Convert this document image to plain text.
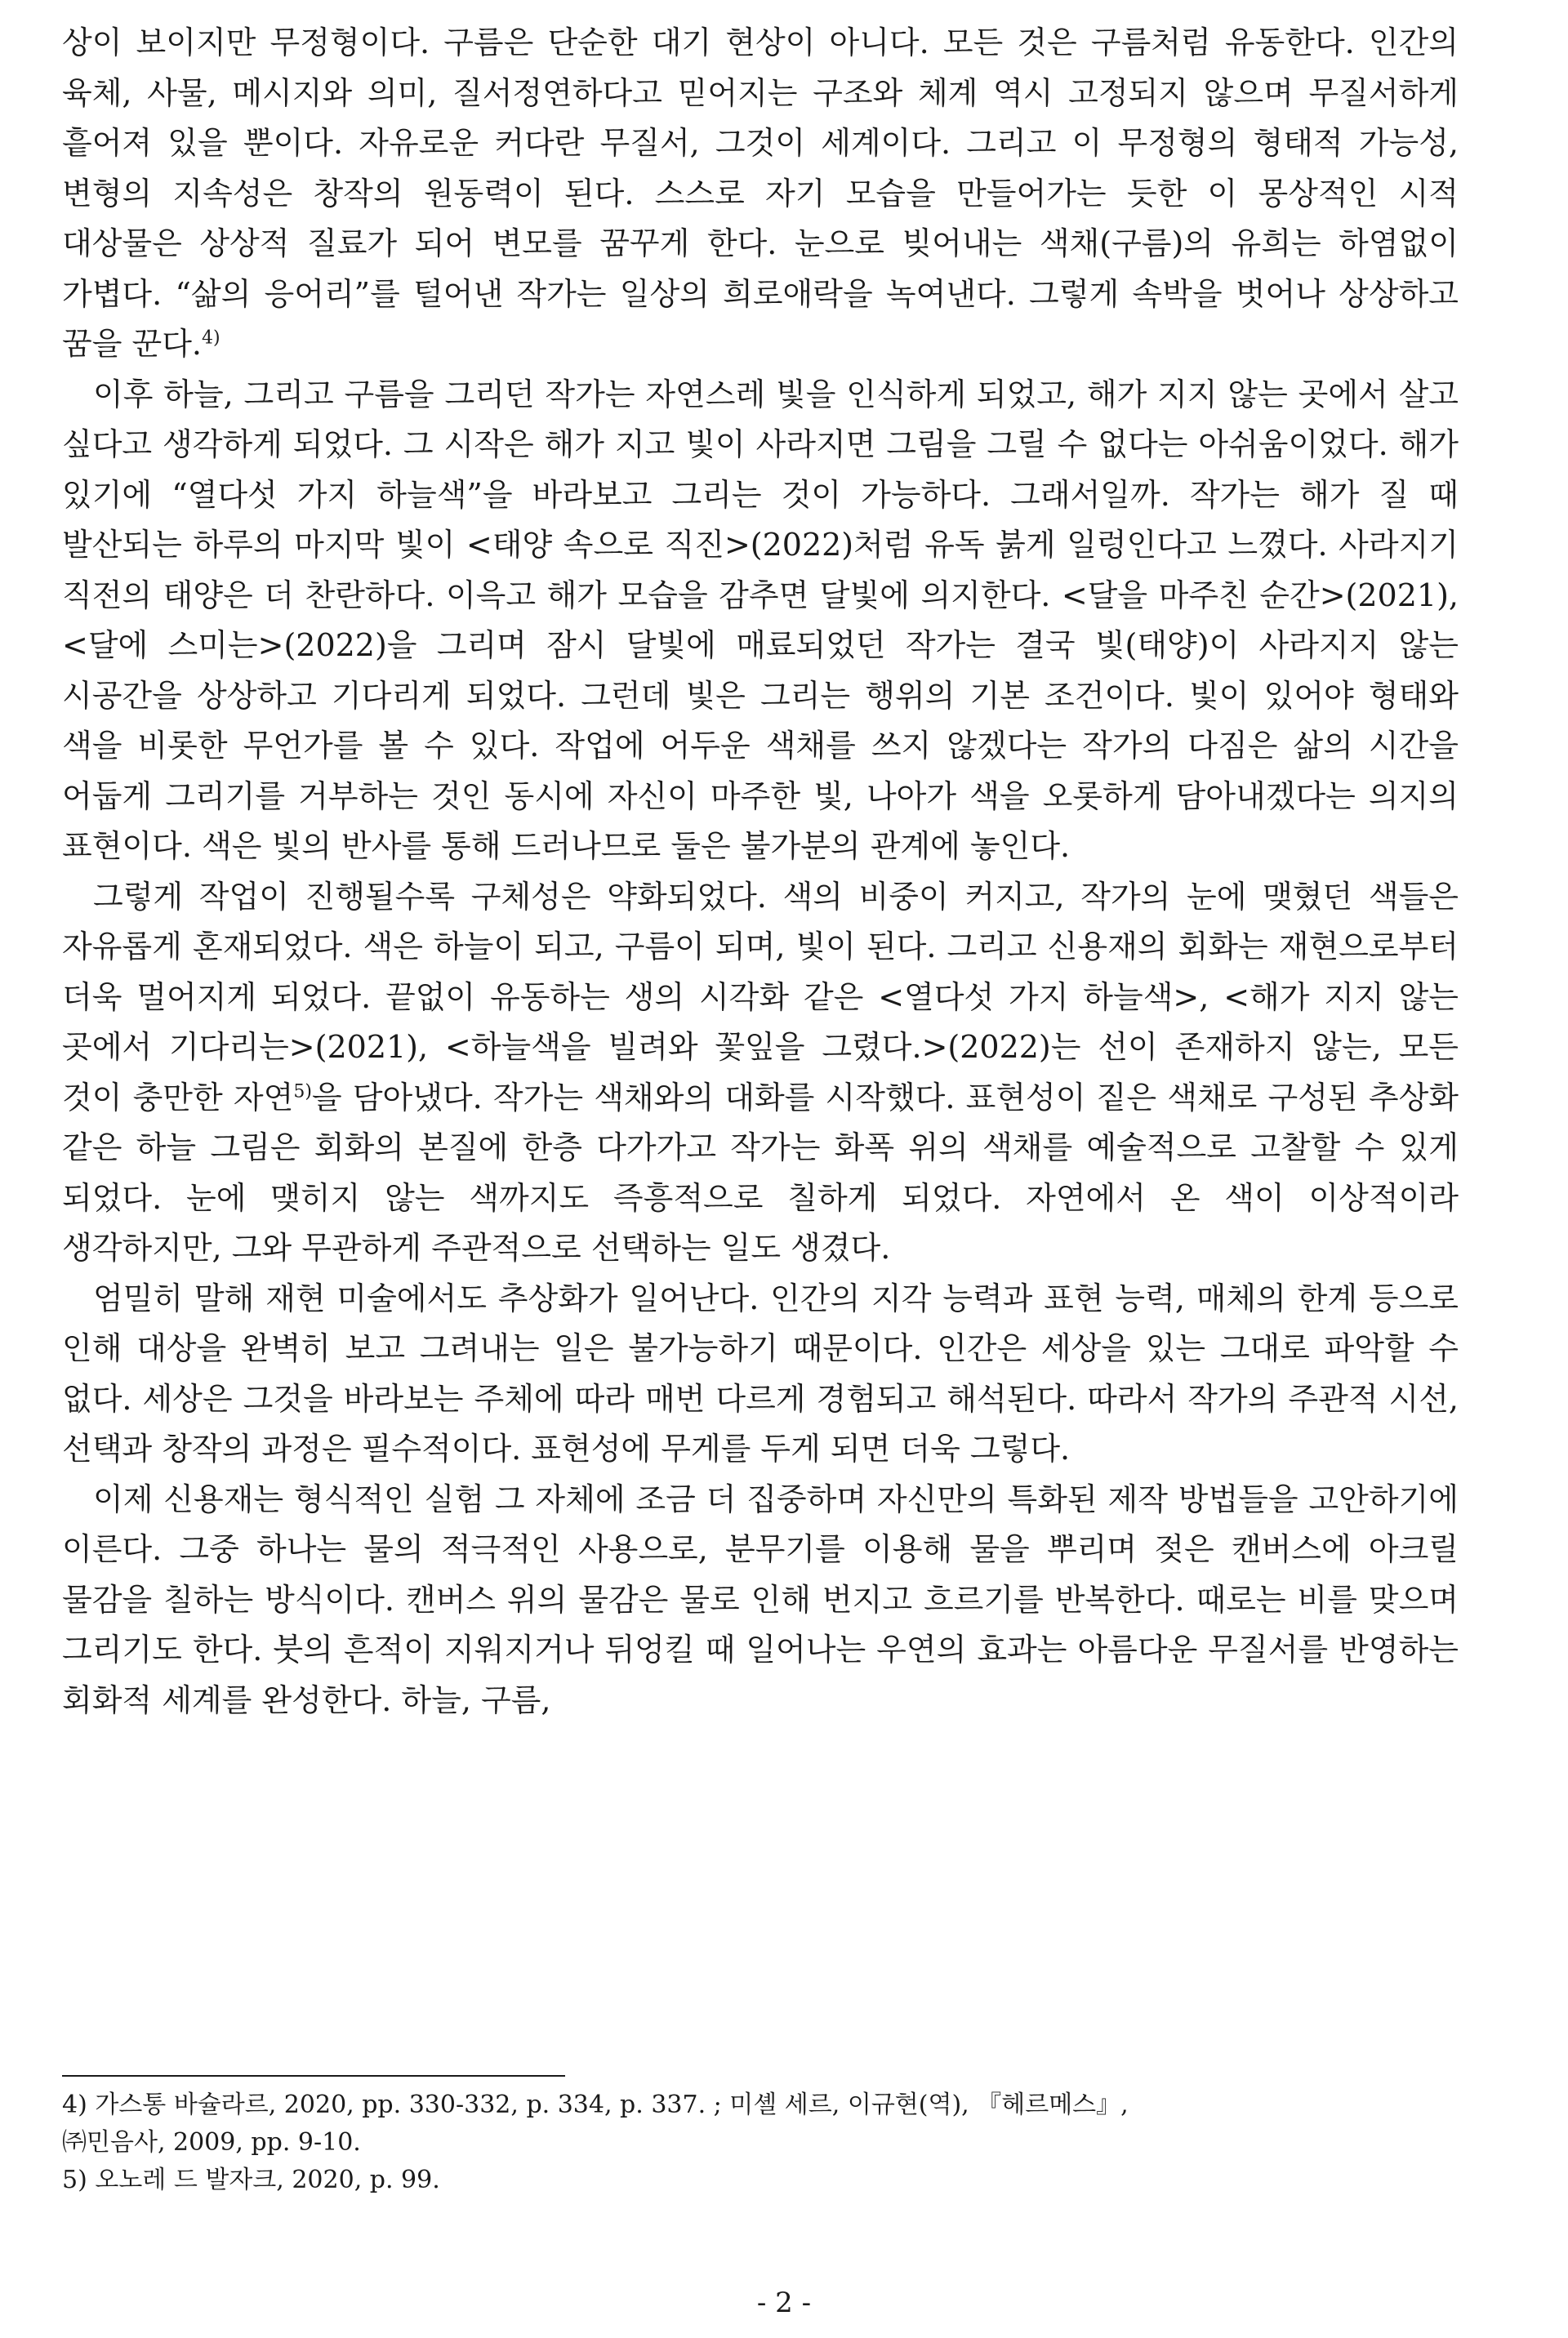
상이 보이지만 무정형이다. 구름은 단순한 대기 현상이 아니다. 모든 것은 구름처럼 유동한다. 인간의 육체, 사물, 메시지와 의미, 질서정연하다고 믿어지는 구조와 체계 역시 고정되지 않으며 무질서하게 흩어져 있을 뿐이다. 자유로운 커다란 무질서, 그것이 세계이다. 그리고 이 무정형의 형태적 가능성, 변형의 지속성은 창작의 원동력이 된다. 스스로 자기 모습을 만들어가는 듯한 이 몽상적인 시적 대상물은 상상적 질료가 되어 변모를 꿈꾸게 한다. 눈으로 빚어내는 색채(구름)의 유희는 하염없이 가볍다. “삶의 응어리”를 털어낸 작가는 일상의 희로애락을 녹여낸다. 그렇게 속박을 벗어나 상상하고 꿈을 꾼다.$^{4)}$

이후 하늘, 그리고 구름을 그리던 작가는 자연스레 빛을 인식하게 되었고, 해가 지지 않는 곳에서 살고 싶다고 생각하게 되었다. 그 시작은 해가 지고 빛이 사라지면 그림을 그릴 수 없다는 아쉬움이었다. 해가 있기에 “열다섯 가지 하늘색”을 바라보고 그리는 것이 가능하다. 그래서일까. 작가는 해가 질 때 발산되는 하루의 마지막 빛이 <태양 속으로 직진>(2022)처럼 유독 붉게 일렁인다고 느꼈다. 사라지기 직전의 태양은 더 찬란하다. 이윽고 해가 모습을 감추면 달빛에 의지한다. <달을 마주친 순간>(2021), <달에 스미는>(2022)을 그리며 잠시 달빛에 매료되었던 작가는 결국 빛(태양)이 사라지지 않는 시공간을 상상하고 기다리게 되었다. 그런데 빛은 그리는 행위의 기본 조건이다. 빛이 있어야 형태와 색을 비롯한 무언가를 볼 수 있다. 작업에 어두운 색채를 쓰지 않겠다는 작가의 다짐은 삶의 시간을 어둡게 그리기를 거부하는 것인 동시에 자신이 마주한 빛, 나아가 색을 오롯하게 담아내겠다는 의지의 표현이다. 색은 빛의 반사를 통해 드러나므로 둘은 불가분의 관계에 놓인다.

그렇게 작업이 진행될수록 구체성은 약화되었다. 색의 비중이 커지고, 작가의 눈에 맺혔던 색들은 자유롭게 혼재되었다. 색은 하늘이 되고, 구름이 되며, 빛이 된다. 그리고 신용재의 회화는 재현으로부터 더욱 멀어지게 되었다. 끝없이 유동하는 생의 시각화 같은 <열다섯 가지 하늘색>, <해가 지지 않는 곳에서 기다리는>(2021), <하늘색을 빌려와 꽃잎을 그렸다.>(2022)는 선이 존재하지 않는, 모든 것이 충만한 자연$^{5)}$을 담아냈다. 작가는 색채와의 대화를 시작했다. 표현성이 짙은 색채로 구성된 추상화 같은 하늘 그림은 회화의 본질에 한층 다가가고 작가는 화폭 위의 색채를 예술적으로 고찰할 수 있게 되었다. 눈에 맺히지 않는 색까지도 즉흥적으로 칠하게 되었다. 자연에서 온 색이 이상적이라 생각하지만, 그와 무관하게 주관적으로 선택하는 일도 생겼다.

엄밀히 말해 재현 미술에서도 추상화가 일어난다. 인간의 지각 능력과 표현 능력, 매체의 한계 등으로 인해 대상을 완벽히 보고 그려내는 일은 불가능하기 때문이다. 인간은 세상을 있는 그대로 파악할 수 없다. 세상은 그것을 바라보는 주체에 따라 매번 다르게 경험되고 해석된다. 따라서 작가의 주관적 시선, 선택과 창작의 과정은 필수적이다. 표현성에 무게를 두게 되면 더욱 그렇다.

이제 신용재는 형식적인 실험 그 자체에 조금 더 집중하며 자신만의 특화된 제작 방법들을 고안하기에 이른다. 그중 하나는 물의 적극적인 사용으로, 분무기를 이용해 물을 뿌리며 젖은 캔버스에 아크릴 물감을 칠하는 방식이다. 캔버스 위의 물감은 물로 인해 번지고 흐르기를 반복한다. 때로는 비를 맞으며 그리기도 한다. 붓의 흔적이 지워지거나 뒤엉킬 때 일어나는 우연의 효과는 아름다운 무질서를 반영하는 회화적 세계를 완성한다. 하늘, 구름,

4) 가스통 바슐라르, 2020, pp. 330-332, p. 334, p. 337. ; 미셸 세르, 이규현(역), 『헤르메스』,

㈜민음사, 2009, pp. 9-10.

5) 오노레 드 발자크, 2020, p. 99.

- 2 -
